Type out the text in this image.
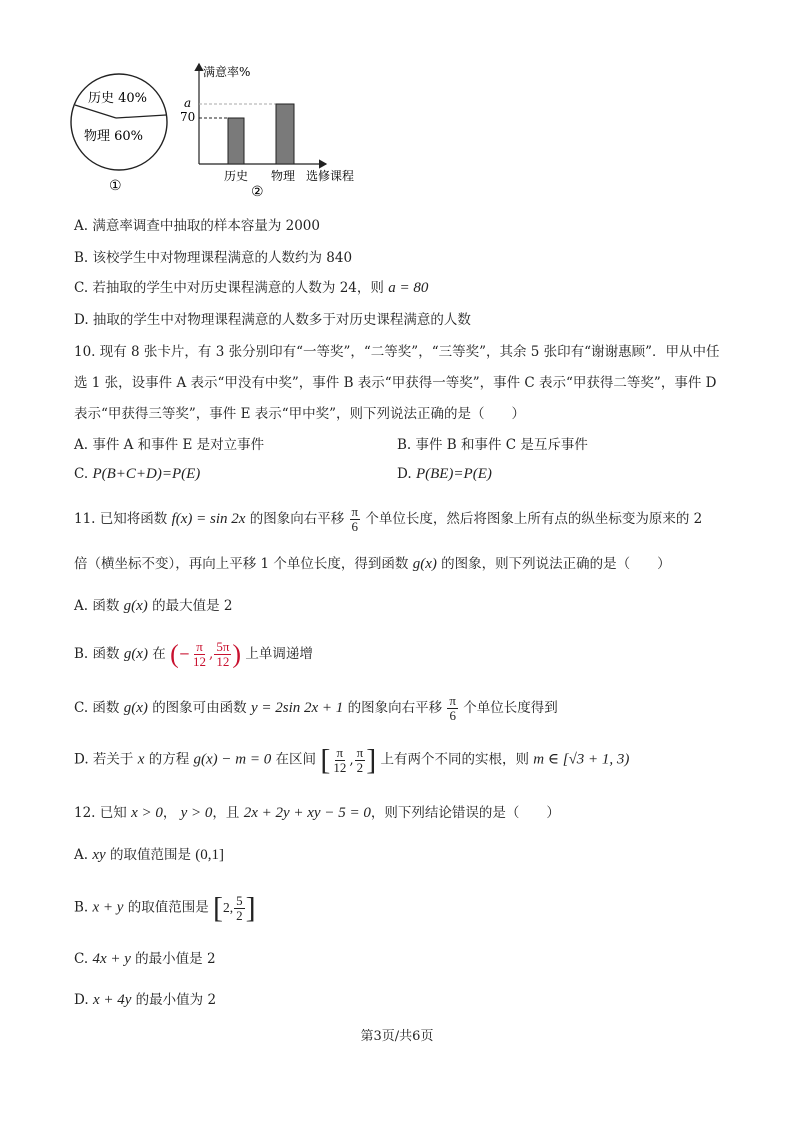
历史 40%
物理 60%
①
满意率%
a
70
历史 物理 选修课程
②
A. 满意率调查中抽取的样本容量为 2000
B. 该校学生中对物理课程满意的人数约为 840
C. 若抽取的学生中对历史课程满意的人数为 24，则 a = 80
D. 抽取的学生中对物理课程满意的人数多于对历史课程满意的人数
10. 现有 8 张卡片，有 3 张分别印有“一等奖”，“二等奖”，“三等奖”，其余 5 张印有“谢谢惠顾”．甲从中任
选 1 张，设事件 A 表示“甲没有中奖”，事件 B 表示“甲获得一等奖”，事件 C 表示“甲获得二等奖”，事件 D
表示“甲获得三等奖”，事件 E 表示“甲中奖”，则下列说法正确的是（　　）
A. 事件 A 和事件 E 是对立事件	B. 事件 B 和事件 C 是互斥事件
C. P(B+C+D)=P(E)	D. P(BE)=P(E)
11. 已知将函数 f(x) = sin 2x 的图象向右平移 $\frac{\pi}{6}$ 个单位长度，然后将图象上所有点的纵坐标变为原来的 2
倍（横坐标不变），再向上平移 1 个单位长度，得到函数 g(x) 的图象，则下列说法正确的是（　　）
A. 函数 g(x) 的最大值是 2
B. 函数 g(x) 在 (− $\frac{\pi}{12}$ , $\frac{5\pi}{12}$ ) 上单调递增
C. 函数 g(x) 的图象可由函数 y = 2sin 2x + 1 的图象向右平移 $\frac{\pi}{6}$ 个单位长度得到
D. 若关于 x 的方程 g(x) − m = 0 在区间 [ $\frac{\pi}{12}$ , $\frac{\pi}{2}$ ] 上有两个不同的实根，则 m ∈ [√3 + 1, 3)
12. 已知 x > 0， y > 0，且 2x + 2y + xy − 5 = 0，则下列结论错误的是（　　）
A. xy 的取值范围是 (0,1]
B. x + y 的取值范围是 [2, $\frac{5}{2}$ ]
C. 4x + y 的最小值是 2
D. x + 4y 的最小值为 2
第3页/共6页
